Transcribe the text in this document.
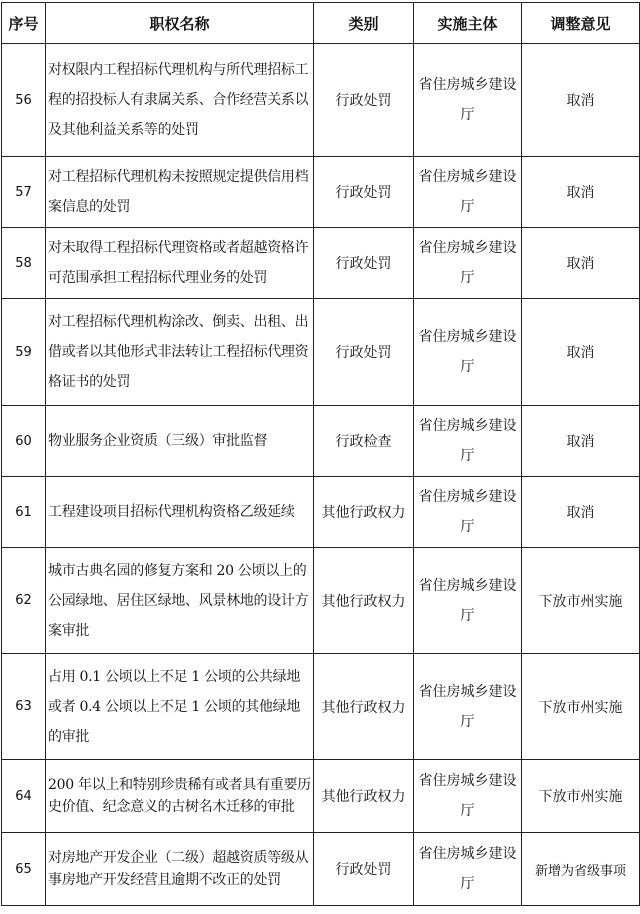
序号	职权名称	类别	实施主体	调整意见
56	对权限内工程招标代理机构与所代理招标工程的招投标人有隶属关系、合作经营关系以及其他利益关系等的处罚	行政处罚	省住房城乡建设厅	取消
57	对工程招标代理机构未按照规定提供信用档案信息的处罚	行政处罚	省住房城乡建设厅	取消
58	对未取得工程招标代理资格或者超越资格许可范围承担工程招标代理业务的处罚	行政处罚	省住房城乡建设厅	取消
59	对工程招标代理机构涂改、倒卖、出租、出借或者以其他形式非法转让工程招标代理资格证书的处罚	行政处罚	省住房城乡建设厅	取消
60	物业服务企业资质（三级）审批监督	行政检查	省住房城乡建设厅	取消
61	工程建设项目招标代理机构资格乙级延续	其他行政权力	省住房城乡建设厅	取消
62	城市古典名园的修复方案和 20 公顷以上的公园绿地、居住区绿地、风景林地的设计方案审批	其他行政权力	省住房城乡建设厅	下放市州实施
63	占用 0.1 公顷以上不足 1 公顷的公共绿地或者 0.4 公顷以上不足 1 公顷的其他绿地的审批	其他行政权力	省住房城乡建设厅	下放市州实施
64	200 年以上和特别珍贵稀有或者具有重要历史价值、纪念意义的古树名木迁移的审批	其他行政权力	省住房城乡建设厅	下放市州实施
65	对房地产开发企业（二级）超越资质等级从事房地产开发经营且逾期不改正的处罚	行政处罚	省住房城乡建设厅	新增为省级事项
